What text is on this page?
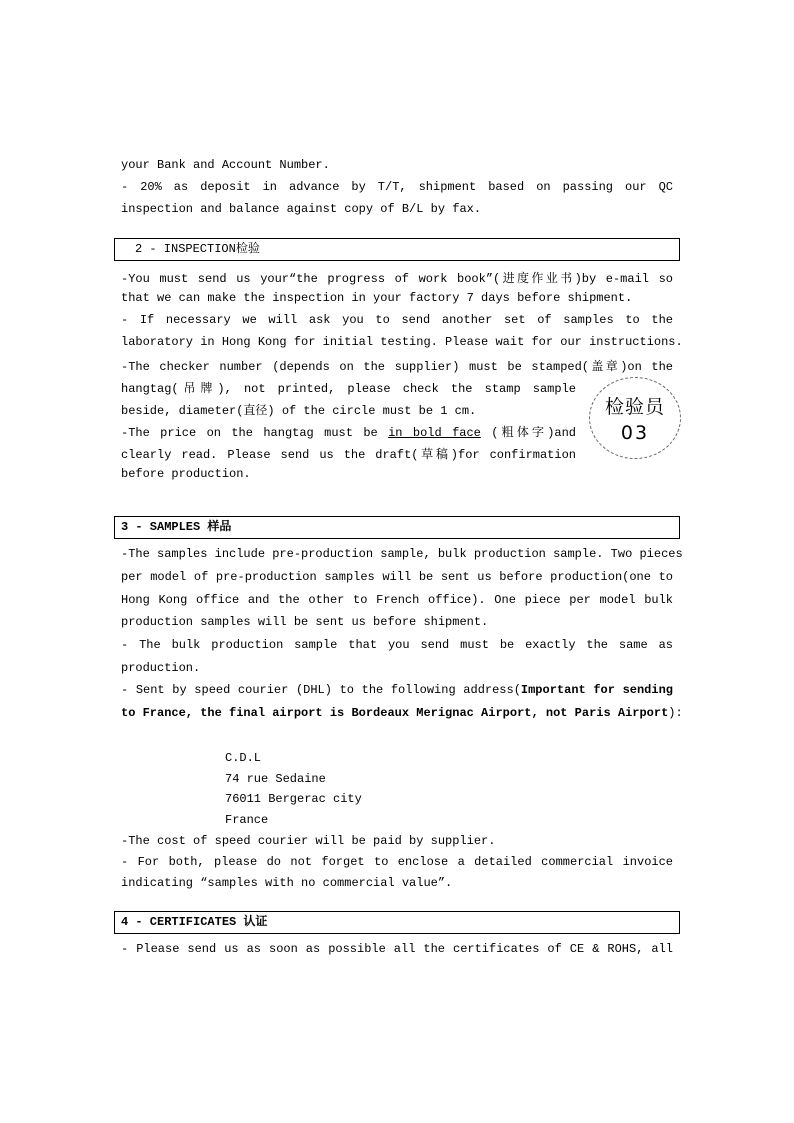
your Bank and Account Number.
- 20% as deposit in advance by T/T, shipment based on passing our QC
inspection and balance against copy of B/L by fax.
2 - INSPECTION检验
-You must send us your“the progress of work book”(进度作业书)by e-mail so
that we can make the inspection in your factory 7 days before shipment.
- If necessary we will ask you to send another set of samples to the
laboratory in Hong Kong for initial testing. Please wait for our instructions.
-The checker number (depends on the supplier) must be stamped(盖章)on the
hangtag(吊牌), not printed, please check the stamp sample
beside, diameter(直径) of the circle must be 1 cm.
-The price on the hangtag must be in bold face (粗体字)and
clearly read. Please send us the draft(草稿)for confirmation
before production.
检验员
03
3 - SAMPLES 样品
-The samples include pre-production sample, bulk production sample. Two pieces
per model of pre-production samples will be sent us before production(one to
Hong Kong office and the other to French office). One piece per model bulk
production samples will be sent us before shipment.
- The bulk production sample that you send must be exactly the same as
production.
- Sent by speed courier (DHL) to the following address(Important for sending
to France, the final airport is Bordeaux Merignac Airport, not Paris Airport):
C.D.L
74 rue Sedaine
76011 Bergerac city
France
-The cost of speed courier will be paid by supplier.
- For both, please do not forget to enclose a detailed commercial invoice
indicating “samples with no commercial value”.
4 - CERTIFICATES 认证
- Please send us as soon as possible all the certificates of CE & ROHS, all
